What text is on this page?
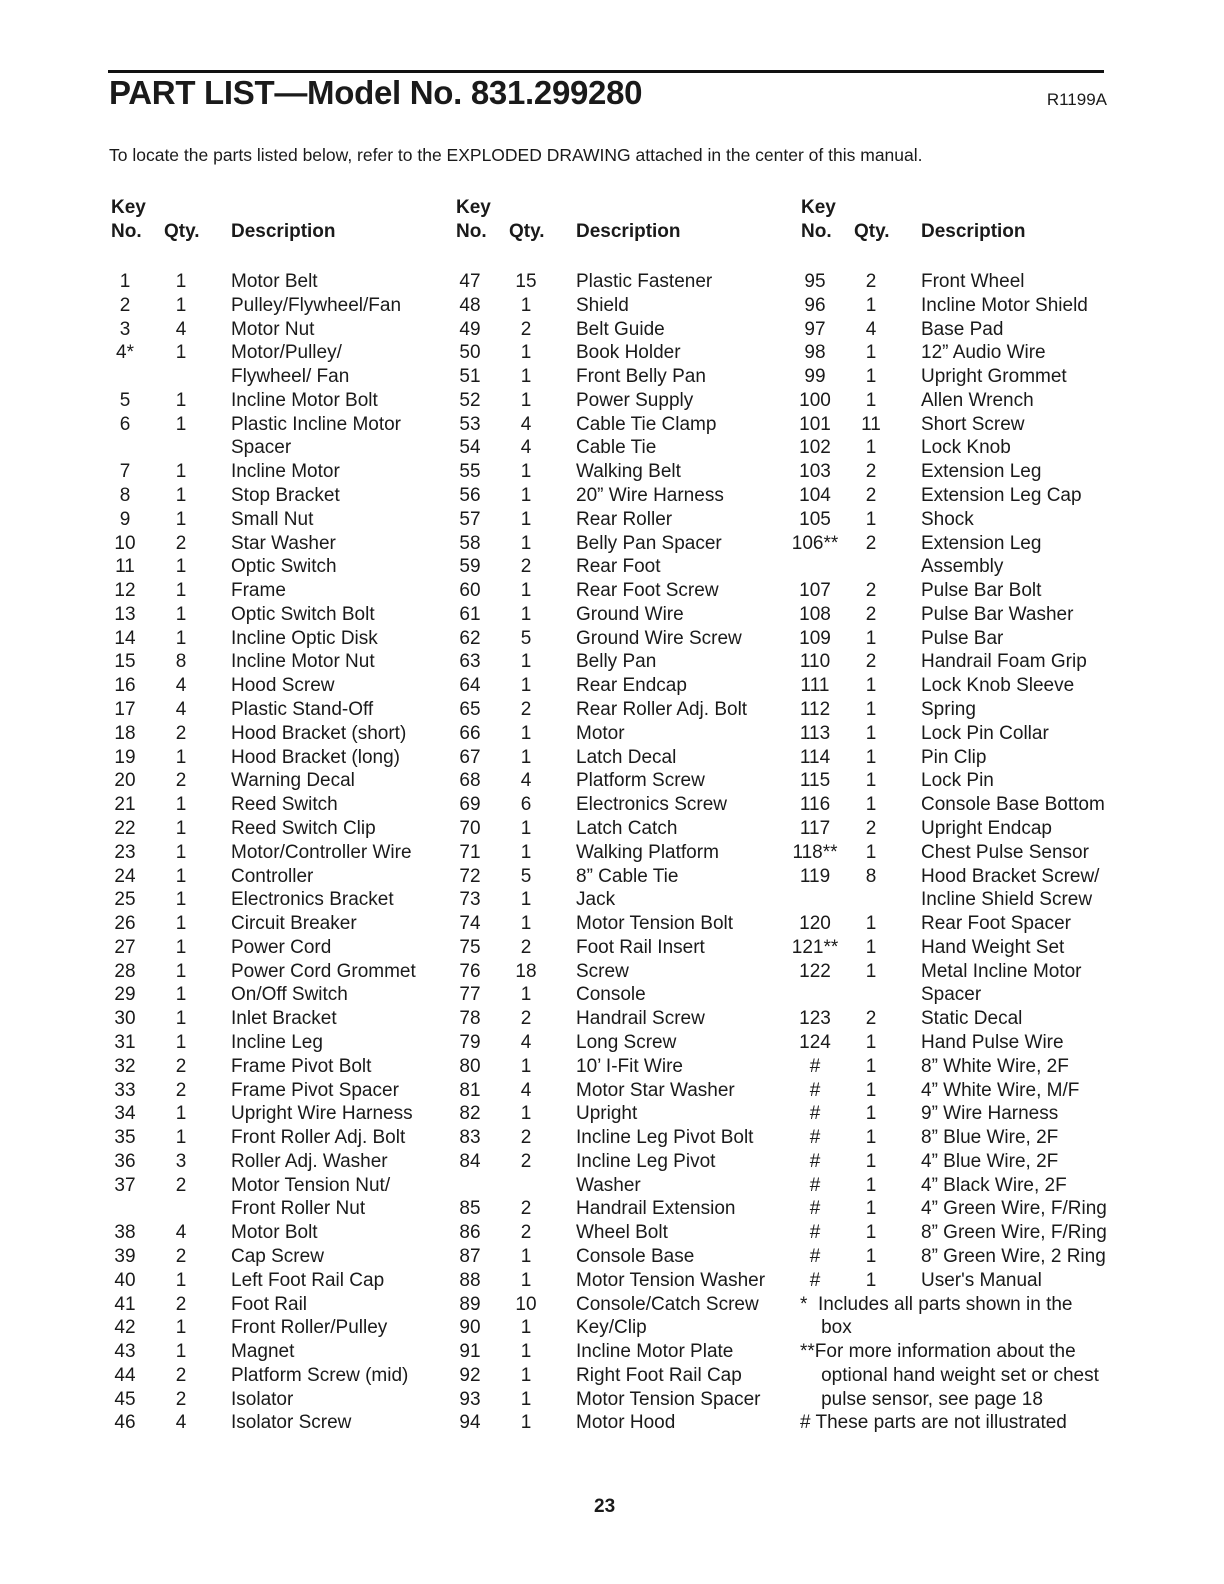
PART LIST—Model No. 831.299280	R1199A
To locate the parts listed below, refer to the EXPLODED DRAWING attached in the center of this manual.
Key
No. Qty. Description
1	1	Motor Belt
2	1	Pulley/Flywheel/Fan
3	4	Motor Nut
4*	1	Motor/Pulley/
Flywheel/ Fan
5	1	Incline Motor Bolt
6	1	Plastic Incline Motor
Spacer
7	1	Incline Motor
8	1	Stop Bracket
9	1	Small Nut
10	2	Star Washer
11	1	Optic Switch
12	1	Frame
13	1	Optic Switch Bolt
14	1	Incline Optic Disk
15	8	Incline Motor Nut
16	4	Hood Screw
17	4	Plastic Stand-Off
18	2	Hood Bracket (short)
19	1	Hood Bracket (long)
20	2	Warning Decal
21	1	Reed Switch
22	1	Reed Switch Clip
23	1	Motor/Controller Wire
24	1	Controller
25	1	Electronics Bracket
26	1	Circuit Breaker
27	1	Power Cord
28	1	Power Cord Grommet
29	1	On/Off Switch
30	1	Inlet Bracket
31	1	Incline Leg
32	2	Frame Pivot Bolt
33	2	Frame Pivot Spacer
34	1	Upright Wire Harness
35	1	Front Roller Adj. Bolt
36	3	Roller Adj. Washer
37	2	Motor Tension Nut/
Front Roller Nut
38	4	Motor Bolt
39	2	Cap Screw
40	1	Left Foot Rail Cap
41	2	Foot Rail
42	1	Front Roller/Pulley
43	1	Magnet
44	2	Platform Screw (mid)
45	2	Isolator
46	4	Isolator Screw
Key
No. Qty. Description
47	15	Plastic Fastener
48	1	Shield
49	2	Belt Guide
50	1	Book Holder
51	1	Front Belly Pan
52	1	Power Supply
53	4	Cable Tie Clamp
54	4	Cable Tie
55	1	Walking Belt
56	1	20” Wire Harness
57	1	Rear Roller
58	1	Belly Pan Spacer
59	2	Rear Foot
60	1	Rear Foot Screw
61	1	Ground Wire
62	5	Ground Wire Screw
63	1	Belly Pan
64	1	Rear Endcap
65	2	Rear Roller Adj. Bolt
66	1	Motor
67	1	Latch Decal
68	4	Platform Screw
69	6	Electronics Screw
70	1	Latch Catch
71	1	Walking Platform
72	5	8” Cable Tie
73	1	Jack
74	1	Motor Tension Bolt
75	2	Foot Rail Insert
76	18	Screw
77	1	Console
78	2	Handrail Screw
79	4	Long Screw
80	1	10’ I-Fit Wire
81	4	Motor Star Washer
82	1	Upright
83	2	Incline Leg Pivot Bolt
84	2	Incline Leg Pivot
Washer
85	2	Handrail Extension
86	2	Wheel Bolt
87	1	Console Base
88	1	Motor Tension Washer
89	10	Console/Catch Screw
90	1	Key/Clip
91	1	Incline Motor Plate
92	1	Right Foot Rail Cap
93	1	Motor Tension Spacer
94	1	Motor Hood
Key
No. Qty. Description
95	2	Front Wheel
96	1	Incline Motor Shield
97	4	Base Pad
98	1	12” Audio Wire
99	1	Upright Grommet
100	1	Allen Wrench
101	11	Short Screw
102	1	Lock Knob
103	2	Extension Leg
104	2	Extension Leg Cap
105	1	Shock
106**	2	Extension Leg
Assembly
107	2	Pulse Bar Bolt
108	2	Pulse Bar Washer
109	1	Pulse Bar
110	2	Handrail Foam Grip
111	1	Lock Knob Sleeve
112	1	Spring
113	1	Lock Pin Collar
114	1	Pin Clip
115	1	Lock Pin
116	1	Console Base Bottom
117	2	Upright Endcap
118**	1	Chest Pulse Sensor
119	8	Hood Bracket Screw/
Incline Shield Screw
120	1	Rear Foot Spacer
121**	1	Hand Weight Set
122	1	Metal Incline Motor
Spacer
123	2	Static Decal
124	1	Hand Pulse Wire
#	1	8” White Wire, 2F
#	1	4” White Wire, M/F
#	1	9” Wire Harness
#	1	8” Blue Wire, 2F
#	1	4” Blue Wire, 2F
#	1	4” Black Wire, 2F
#	1	4” Green Wire, F/Ring
#	1	8” Green Wire, F/Ring
#	1	8” Green Wire, 2 Ring
#	1	User's Manual
*  Includes all parts shown in the
box
**For more information about the
optional hand weight set or chest
pulse sensor, see page 18
# These parts are not illustrated
23
